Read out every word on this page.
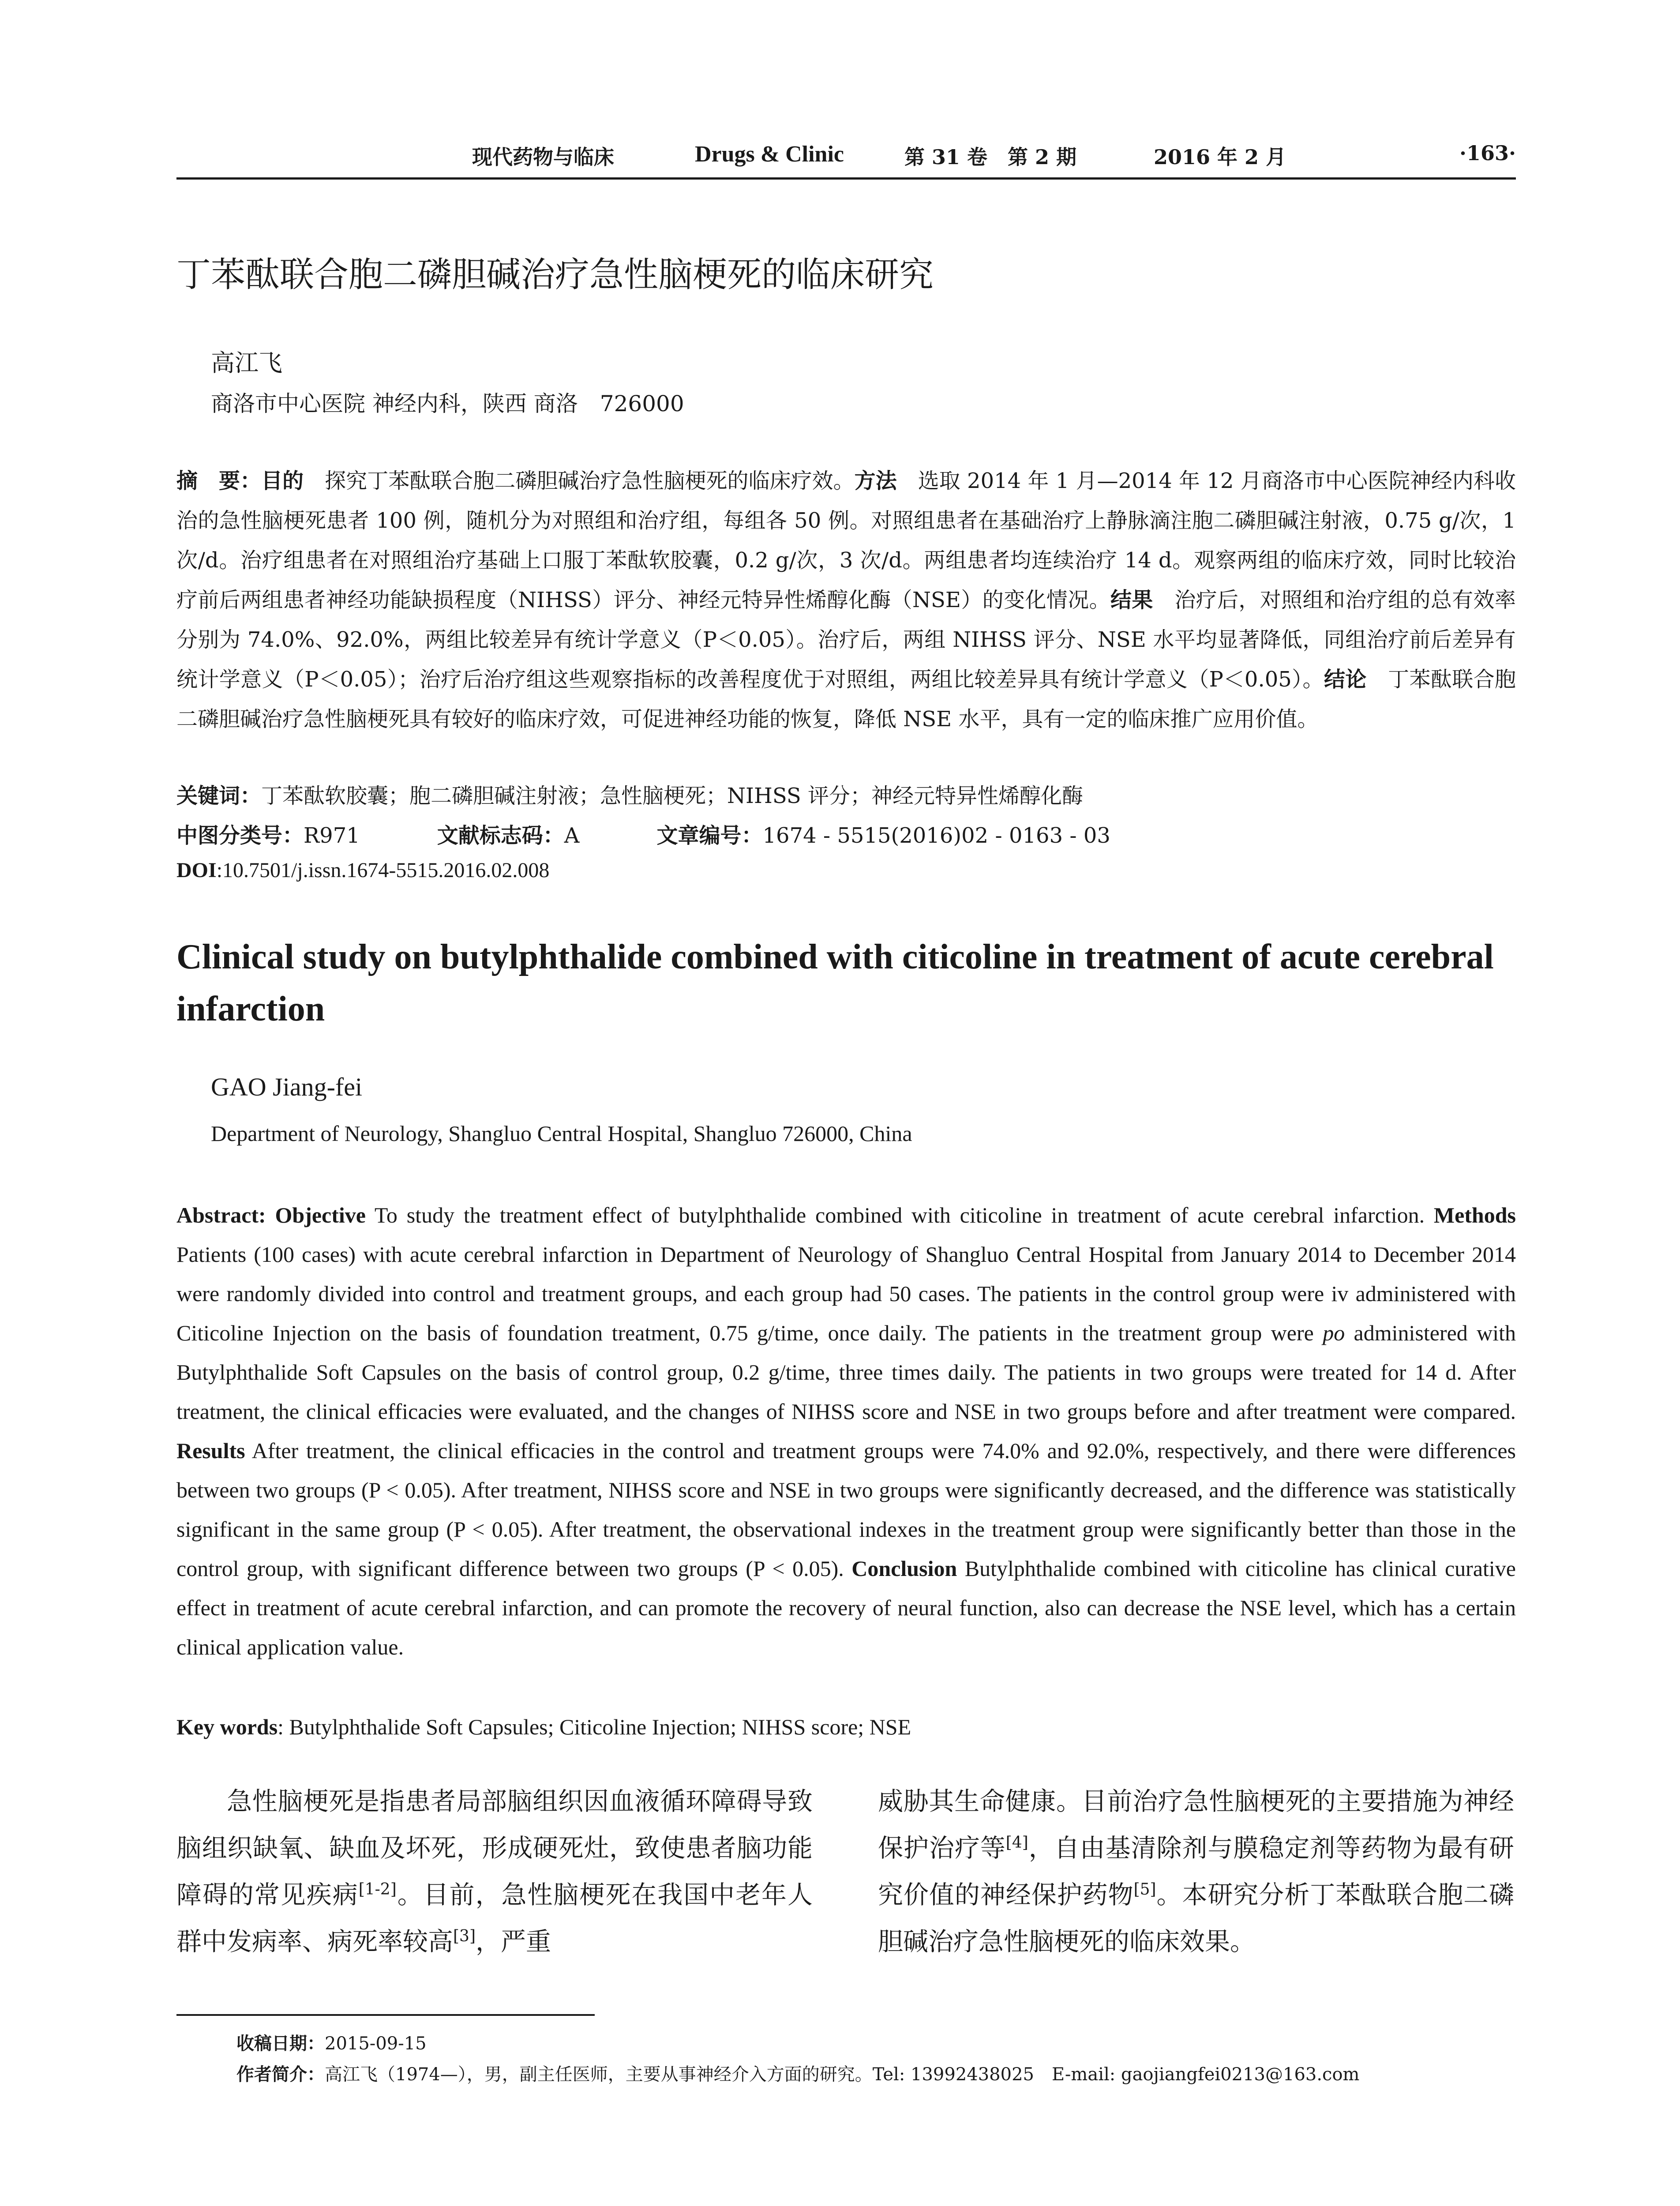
现代药物与临床	Drugs & Clinic	第 31 卷　第 2 期	2016 年 2 月	·163·
丁苯酞联合胞二磷胆碱治疗急性脑梗死的临床研究
高江飞
商洛市中心医院 神经内科，陕西 商洛　726000

摘　要：目的　探究丁苯酞联合胞二磷胆碱治疗急性脑梗死的临床疗效。方法　选取 2014 年 1 月—2014 年 12 月商洛市中心医院神经内科收治的急性脑梗死患者 100 例，随机分为对照组和治疗组，每组各 50 例。对照组患者在基础治疗上静脉滴注胞二磷胆碱注射液，0.75 g/次，1 次/d。治疗组患者在对照组治疗基础上口服丁苯酞软胶囊，0.2 g/次，3 次/d。两组患者均连续治疗 14 d。观察两组的临床疗效，同时比较治疗前后两组患者神经功能缺损程度（NIHSS）评分、神经元特异性烯醇化酶（NSE）的变化情况。结果　治疗后，对照组和治疗组的总有效率分别为 74.0%、92.0%，两组比较差异有统计学意义（P＜0.05）。治疗后，两组 NIHSS 评分、NSE 水平均显著降低，同组治疗前后差异有统计学意义（P＜0.05）；治疗后治疗组这些观察指标的改善程度优于对照组，两组比较差异具有统计学意义（P＜0.05）。结论　丁苯酞联合胞二磷胆碱治疗急性脑梗死具有较好的临床疗效，可促进神经功能的恢复，降低 NSE 水平，具有一定的临床推广应用价值。

关键词：丁苯酞软胶囊；胞二磷胆碱注射液；急性脑梗死；NIHSS 评分；神经元特异性烯醇化酶

中图分类号：R971	文献标志码：A	文章编号：1674 - 5515(2016)02 - 0163 - 03

DOI:10.7501/j.issn.1674-5515.2016.02.008

Clinical study on butylphthalide combined with citicoline in treatment of acute cerebral infarction
GAO Jiang-fei
Department of Neurology, Shangluo Central Hospital, Shangluo 726000, China

Abstract: Objective To study the treatment effect of butylphthalide combined with citicoline in treatment of acute cerebral infarction. Methods Patients (100 cases) with acute cerebral infarction in Department of Neurology of Shangluo Central Hospital from January 2014 to December 2014 were randomly divided into control and treatment groups, and each group had 50 cases. The patients in the control group were iv administered with Citicoline Injection on the basis of foundation treatment, 0.75 g/time, once daily. The patients in the treatment group were po administered with Butylphthalide Soft Capsules on the basis of control group, 0.2 g/time, three times daily. The patients in two groups were treated for 14 d. After treatment, the clinical efficacies were evaluated, and the changes of NIHSS score and NSE in two groups before and after treatment were compared. Results After treatment, the clinical efficacies in the control and treatment groups were 74.0% and 92.0%, respectively, and there were differences between two groups (P < 0.05). After treatment, NIHSS score and NSE in two groups were significantly decreased, and the difference was statistically significant in the same group (P < 0.05). After treatment, the observational indexes in the treatment group were significantly better than those in the control group, with significant difference between two groups (P < 0.05). Conclusion Butylphthalide combined with citicoline has clinical curative effect in treatment of acute cerebral infarction, and can promote the recovery of neural function, also can decrease the NSE level, which has a certain clinical application value.

Key words: Butylphthalide Soft Capsules; Citicoline Injection; NIHSS score; NSE

急性脑梗死是指患者局部脑组织因血液循环障碍导致脑组织缺氧、缺血及坏死，形成硬死灶，致使患者脑功能障碍的常见疾病[1-2]。目前，急性脑梗死在我国中老年人群中发病率、病死率较高[3]，严重

威胁其生命健康。目前治疗急性脑梗死的主要措施为神经保护治疗等[4]，自由基清除剂与膜稳定剂等药物为最有研究价值的神经保护药物[5]。本研究分析丁苯酞联合胞二磷胆碱治疗急性脑梗死的临床效果。

收稿日期：2015-09-15

作者简介：高江飞（1974—），男，副主任医师，主要从事神经介入方面的研究。Tel: 13992438025　E-mail: gaojiangfei0213@163.com
